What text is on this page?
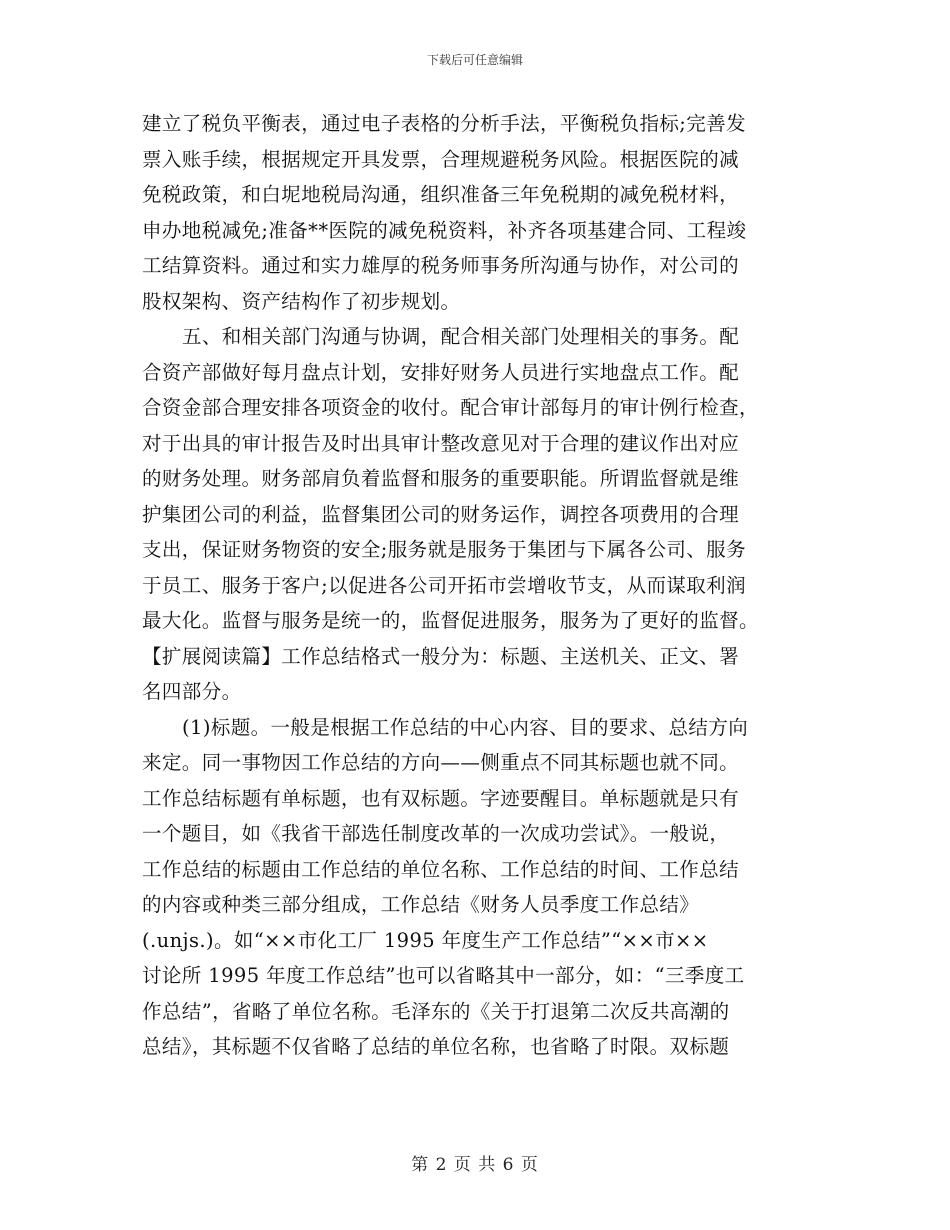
下载后可任意编辑
建立了税负平衡表，通过电子表格的分析手法，平衡税负指标;完善发
票入账手续，根据规定开具发票，合理规避税务风险。根据医院的减
免税政策，和白坭地税局沟通，组织准备三年免税期的减免税材料，
申办地税减免;准备**医院的减免税资料，补齐各项基建合同、工程竣
工结算资料。通过和实力雄厚的税务师事务所沟通与协作，对公司的
股权架构、资产结构作了初步规划。
五、和相关部门沟通与协调，配合相关部门处理相关的事务。配
合资产部做好每月盘点计划，安排好财务人员进行实地盘点工作。配
合资金部合理安排各项资金的收付。配合审计部每月的审计例行检查，
对于出具的审计报告及时出具审计整改意见对于合理的建议作出对应
的财务处理。财务部肩负着监督和服务的重要职能。所谓监督就是维
护集团公司的利益，监督集团公司的财务运作，调控各项费用的合理
支出，保证财务物资的安全;服务就是服务于集团与下属各公司、服务
于员工、服务于客户;以促进各公司开拓市尝增收节支，从而谋取利润
最大化。监督与服务是统一的，监督促进服务，服务为了更好的监督。
【扩展阅读篇】工作总结格式一般分为：标题、主送机关、正文、署
名四部分。
(1)标题。一般是根据工作总结的中心内容、目的要求、总结方向
来定。同一事物因工作总结的方向——侧重点不同其标题也就不同。
工作总结标题有单标题，也有双标题。字迹要醒目。单标题就是只有
一个题目，如《我省干部选任制度改革的一次成功尝试》。一般说，
工作总结的标题由工作总结的单位名称、工作总结的时间、工作总结
的内容或种类三部分组成，工作总结《财务人员季度工作总结》
(.unjs.)。如“××市化工厂 1995 年度生产工作总结”“××市××
讨论所 1995 年度工作总结”也可以省略其中一部分，如：“三季度工
作总结”，省略了单位名称。毛泽东的《关于打退第二次反共高潮的
总结》，其标题不仅省略了总结的单位名称，也省略了时限。双标题
第 2 页 共 6 页
